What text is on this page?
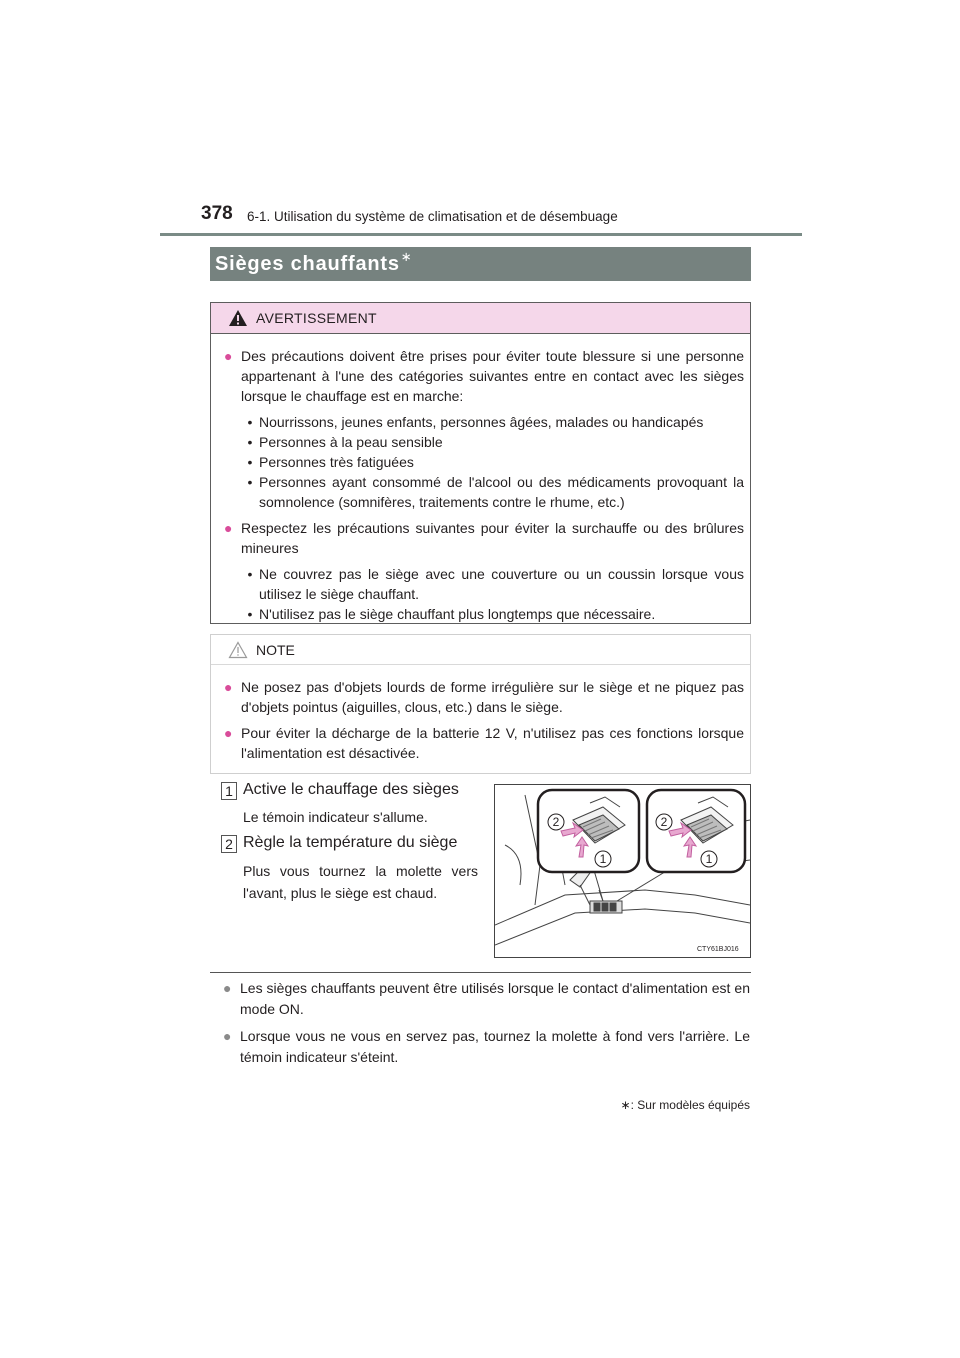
378 6-1. Utilisation du système de climatisation et de désembuage
Sièges chauffants ∗
AVERTISSEMENT
● Des précautions doivent être prises pour éviter toute blessure si une personne appartenant à l'une des catégories suivantes entre en contact avec les sièges lorsque le chauffage est en marche:
• Nourrissons, jeunes enfants, personnes âgées, malades ou handicapés
• Personnes à la peau sensible
• Personnes très fatiguées
• Personnes ayant consommé de l'alcool ou des médicaments provoquant la somnolence (somnifères, traitements contre le rhume, etc.)
● Respectez les précautions suivantes pour éviter la surchauffe ou des brûlures mineures
• Ne couvrez pas le siège avec une couverture ou un coussin lorsque vous utilisez le siège chauffant.
• N'utilisez pas le siège chauffant plus longtemps que nécessaire.
NOTE
● Ne posez pas d'objets lourds de forme irrégulière sur le siège et ne piquez pas d'objets pointus (aiguilles, clous, etc.) dans le siège.
● Pour éviter la décharge de la batterie 12 V, n'utilisez pas ces fonctions lorsque l'alimentation est désactivée.
1 Active le chauffage des sièges
Le témoin indicateur s'allume.
2 Règle la température du siège
Plus vous tournez la molette vers l'avant, plus le siège est chaud.
2
1
2
1
CTY61BJ016
● Les sièges chauffants peuvent être utilisés lorsque le contact d'alimentation est en mode ON.
● Lorsque vous ne vous en servez pas, tournez la molette à fond vers l'arrière. Le témoin indicateur s'éteint.
∗: Sur modèles équipés
